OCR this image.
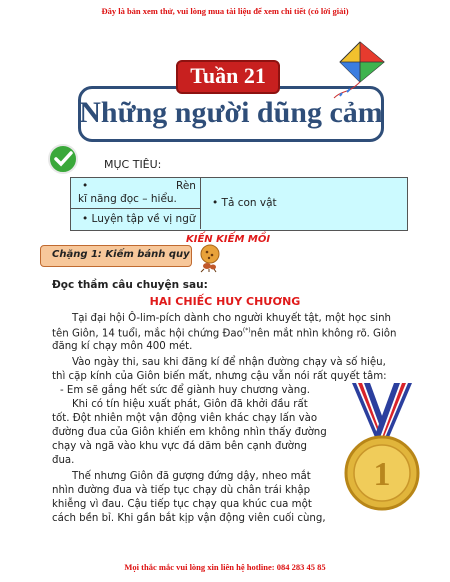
Đây là bản xem thử, vui lòng mua tài liệu để xem chi tiết (có lời giải)
Mọi thắc mắc vui lòng xin liên hệ hotline: 084 283 45 85
Những người dũng cảm
Tuần 21
MỤC TIÊU:
•	Rèn
kĩ năng đọc – hiểu.
• Luyện tập về vị ngữ
• Tả con vật
KIẾN KIẾM MỒI
Chặng 1: Kiếm bánh quy
Đọc thầm câu chuyện sau:
HAI CHIẾC HUY CHƯƠNG
Tại đại hội Ô-lim-pích dành cho người khuyết tật, một học sinh
tên Giôn, 14 tuổi, mắc hội chứng Đao(*)nên mắt nhìn không rõ. Giôn
đăng kí chạy môn 400 mét.
Vào ngày thi, sau khi đăng kí để nhận đường chạy và số hiệu,
thì cặp kính của Giôn biến mất, nhưng cậu vẫn nói rất quyết tâm:
- Em sẽ gắng hết sức để giành huy chương vàng.
Khi có tín hiệu xuất phát, Giôn đã khởi đầu rất
tốt. Đột nhiên một vận động viên khác chạy lấn vào
đường đua của Giôn khiến em không nhìn thấy đường
chạy và ngã vào khu vực đá dăm bên cạnh đường
đua.
Thế nhưng Giôn đã gượng đứng dậy, nheo mắt
nhìn đường đua và tiếp tục chạy dù chân trái khập
khiễng vì đau. Cậu tiếp tục chạy qua khúc cua một
cách bền bỉ. Khi gần bắt kịp vận động viên cuối cùng,
1
